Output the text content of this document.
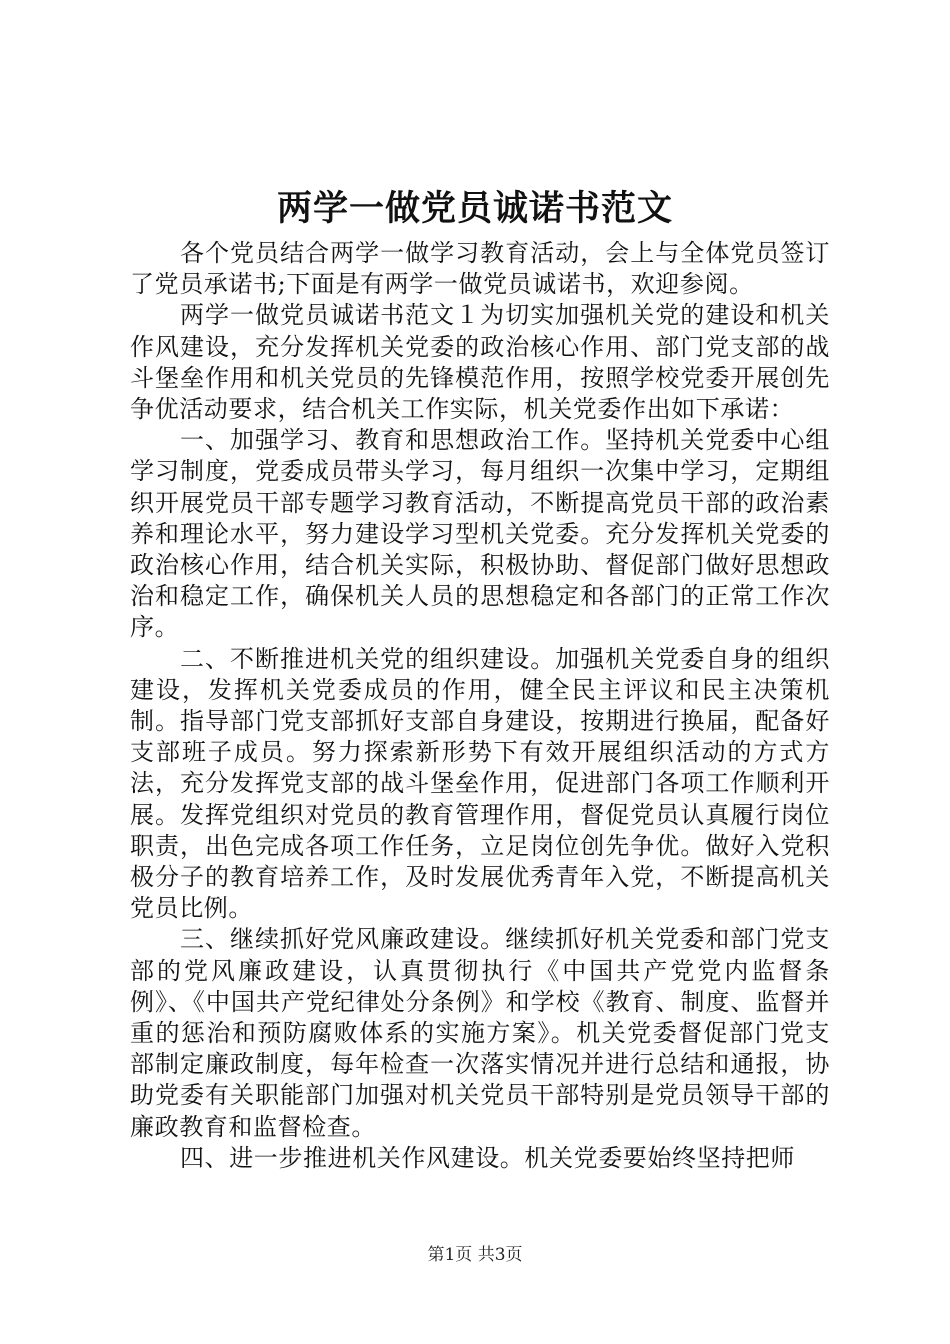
两学一做党员诚诺书范文

各个党员结合两学一做学习教育活动，会上与全体党员签订了党员承诺书;下面是有两学一做党员诚诺书，欢迎参阅。

两学一做党员诚诺书范文１为切实加强机关党的建设和机关作风建设，充分发挥机关党委的政治核心作用、部门党支部的战斗堡垒作用和机关党员的先锋模范作用，按照学校党委开展创先争优活动要求，结合机关工作实际，机关党委作出如下承诺：

一、加强学习、教育和思想政治工作。坚持机关党委中心组学习制度，党委成员带头学习，每月组织一次集中学习，定期组织开展党员干部专题学习教育活动，不断提高党员干部的政治素养和理论水平，努力建设学习型机关党委。充分发挥机关党委的政治核心作用，结合机关实际，积极协助、督促部门做好思想政治和稳定工作，确保机关人员的思想稳定和各部门的正常工作次序。

二、不断推进机关党的组织建设。加强机关党委自身的组织建设，发挥机关党委成员的作用，健全民主评议和民主决策机制。指导部门党支部抓好支部自身建设，按期进行换届，配备好支部班子成员。努力探索新形势下有效开展组织活动的方式方法，充分发挥党支部的战斗堡垒作用，促进部门各项工作顺利开展。发挥党组织对党员的教育管理作用，督促党员认真履行岗位职责，出色完成各项工作任务，立足岗位创先争优。做好入党积极分子的教育培养工作，及时发展优秀青年入党，不断提高机关党员比例。

三、继续抓好党风廉政建设。继续抓好机关党委和部门党支部的党风廉政建设，认真贯彻执行《中国共产党党内监督条例》、《中国共产党纪律处分条例》和学校《教育、制度、监督并重的惩治和预防腐败体系的实施方案》。机关党委督促部门党支部制定廉政制度，每年检查一次落实情况并进行总结和通报，协助党委有关职能部门加强对机关党员干部特别是党员领导干部的廉政教育和监督检查。

四、进一步推进机关作风建设。机关党委要始终坚持把师

第1页 共3页
